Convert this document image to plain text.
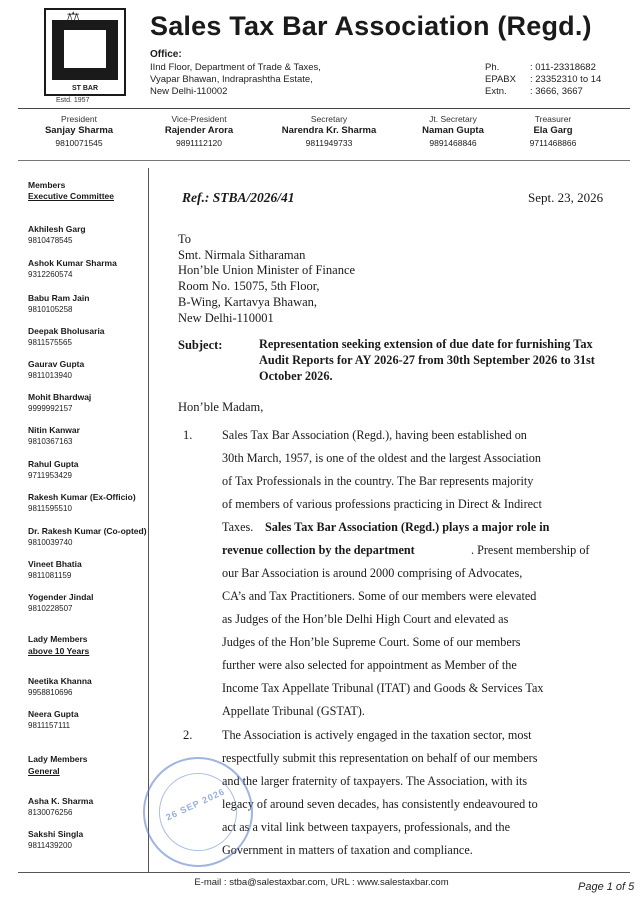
⚖
ST BAR
Estd. 1957
Sales Tax Bar Association (Regd.)
Office:
IInd Floor, Department of Trade & Taxes,
Vyapar Bhawan, Indraprashtha Estate,
New Delhi-110002
Ph.	: 011-23318682
EPABX : 23352310 to 14
Extn. : 3666, 3667
President
Sanjay Sharma
9810071545
Vice-President
Rajender Arora
9891112120
Secretary
Narendra Kr. Sharma
9811949733
Jt. Secretary
Naman Gupta
9891468846
Treasurer
Ela Garg
9711468866
Members
Executive Committee
Akhilesh Garg
9810478545
Ashok Kumar Sharma
9312260574
Babu Ram Jain
9810105258
Deepak Bholusaria
9811575565
Gaurav Gupta
9811013940
Mohit Bhardwaj
9999992157
Nitin Kanwar
9810367163
Rahul Gupta
9711953429
Rakesh Kumar (Ex-Officio)
9811595510
Dr. Rakesh Kumar (Co-opted)
9810039740
Vineet Bhatia
9811081159
Yogender Jindal
9810228507
Lady Members
above 10 Years
Neetika Khanna
9958810696
Neera Gupta
9811157111
Lady Members
General
Asha K. Sharma
8130076256
Sakshi Singla
9811439200
Ref.: STBA/2026/41	Sept. 23, 2026
To
Smt. Nirmala Sitharaman
Hon’ble Union Minister of Finance
Room No. 15075, 5th Floor,
B-Wing, Kartavya Bhawan,
New Delhi-110001
Subject:	Representation seeking extension of due date for furnishing Tax Audit Reports for AY 2026-27 from 30th September 2026 to 31st October 2026.
Hon’ble Madam,
1. Sales Tax Bar Association (Regd.), having been established on
30th March, 1957, is one of the oldest and the largest Association
of Tax Professionals in the country. The Bar represents majority
of members of various professions practicing in Direct & Indirect
Taxes. Sales Tax Bar Association (Regd.) plays a major role in
revenue collection by the department	. Present membership of
our Bar Association is around 2000 comprising of Advocates,
CA’s and Tax Practitioners. Some of our members were elevated
as Judges of the Hon’ble Delhi High Court and elevated as
Judges of the Hon’ble Supreme Court. Some of our members
further were also selected for appointment as Member of the
Income Tax Appellate Tribunal (ITAT) and Goods & Services Tax
Appellate Tribunal (GSTAT).
2. The Association is actively engaged in the taxation sector, most
respectfully submit this representation on behalf of our members
and the larger fraternity of taxpayers. The Association, with its
legacy of around seven decades, has consistently endeavoured to
act as a vital link between taxpayers, professionals, and the
Government in matters of taxation and compliance.
26 SEP 2026
E-mail : stba@salestaxbar.com, URL : www.salestaxbar.com	Page 1 of 5
